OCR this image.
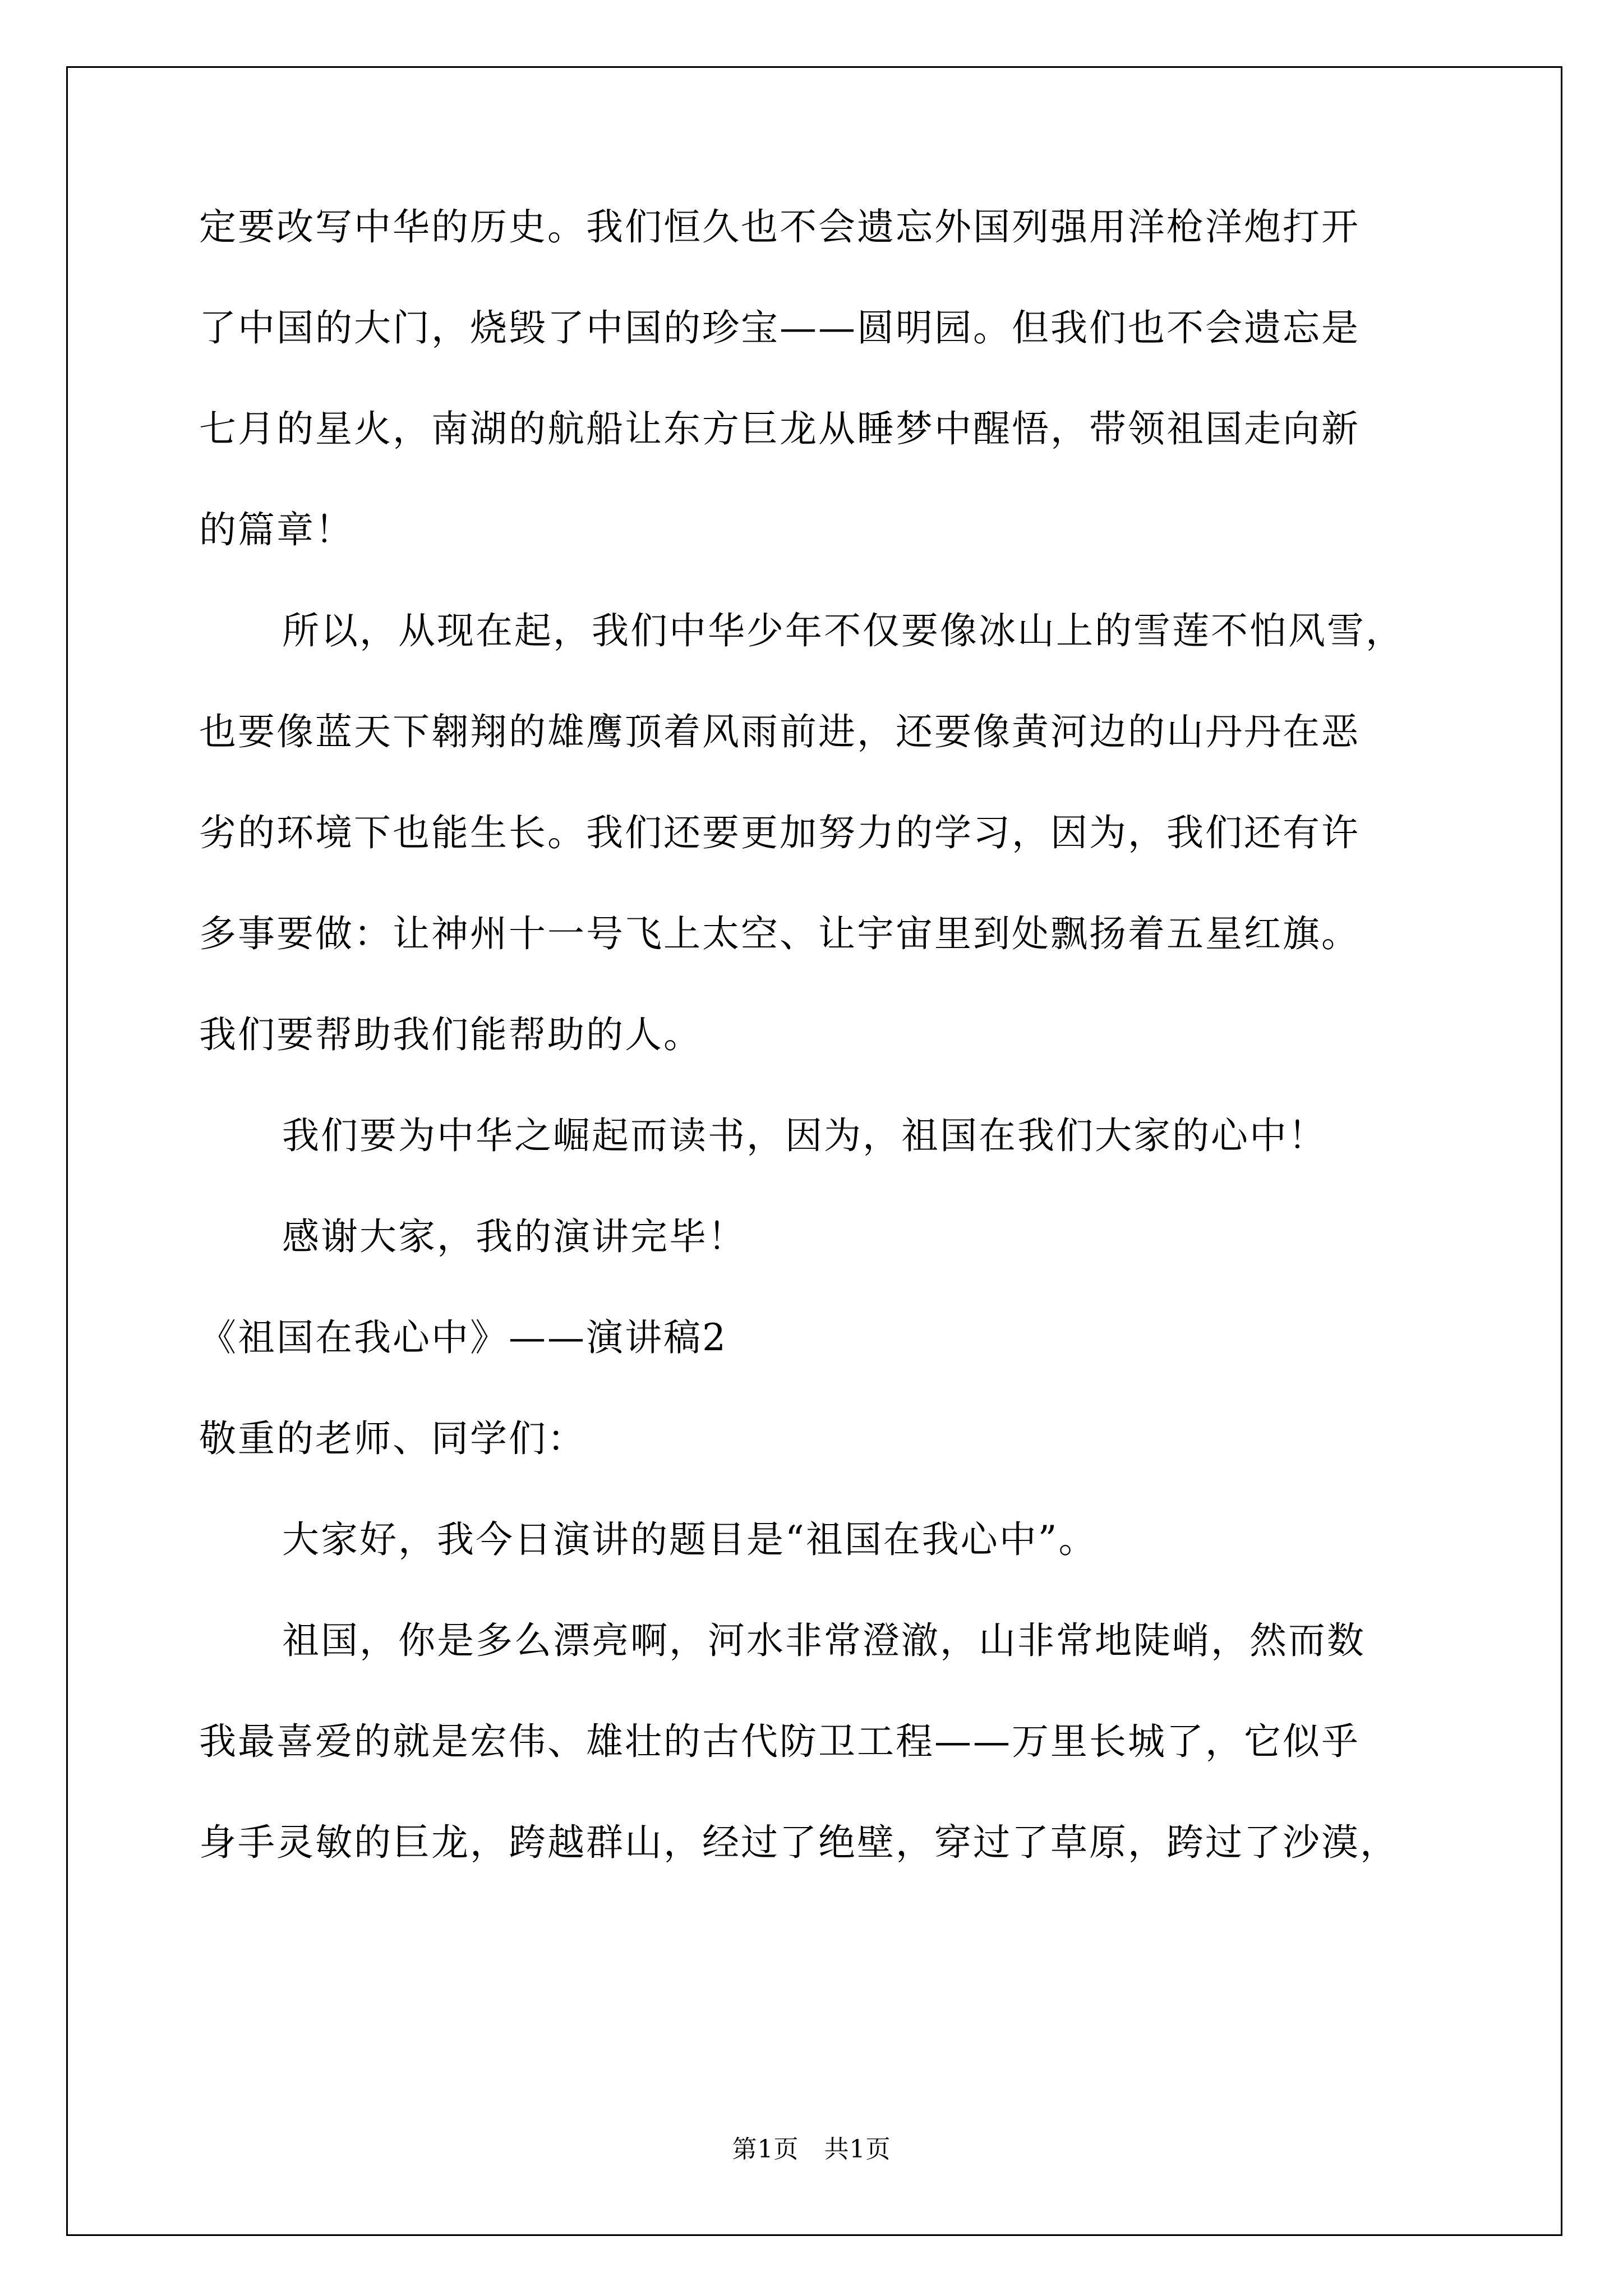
定要改写中华的历史。我们恒久也不会遗忘外国列强用洋枪洋炮打开
了中国的大门，烧毁了中国的珍宝——圆明园。但我们也不会遗忘是
七月的星火，南湖的航船让东方巨龙从睡梦中醒悟，带领祖国走向新
的篇章！
所以，从现在起，我们中华少年不仅要像冰山上的雪莲不怕风雪，
也要像蓝天下翱翔的雄鹰顶着风雨前进，还要像黄河边的山丹丹在恶
劣的环境下也能生长。我们还要更加努力的学习，因为，我们还有许
多事要做：让神州十一号飞上太空、让宇宙里到处飘扬着五星红旗。
我们要帮助我们能帮助的人。
我们要为中华之崛起而读书，因为，祖国在我们大家的心中！
感谢大家，我的演讲完毕！
《祖国在我心中》——演讲稿2
敬重的老师、同学们：
大家好，我今日演讲的题目是“祖国在我心中”。
祖国，你是多么漂亮啊，河水非常澄澈，山非常地陡峭，然而数
我最喜爱的就是宏伟、雄壮的古代防卫工程——万里长城了，它似乎
身手灵敏的巨龙，跨越群山，经过了绝壁，穿过了草原，跨过了沙漠，
第1页　共1页
